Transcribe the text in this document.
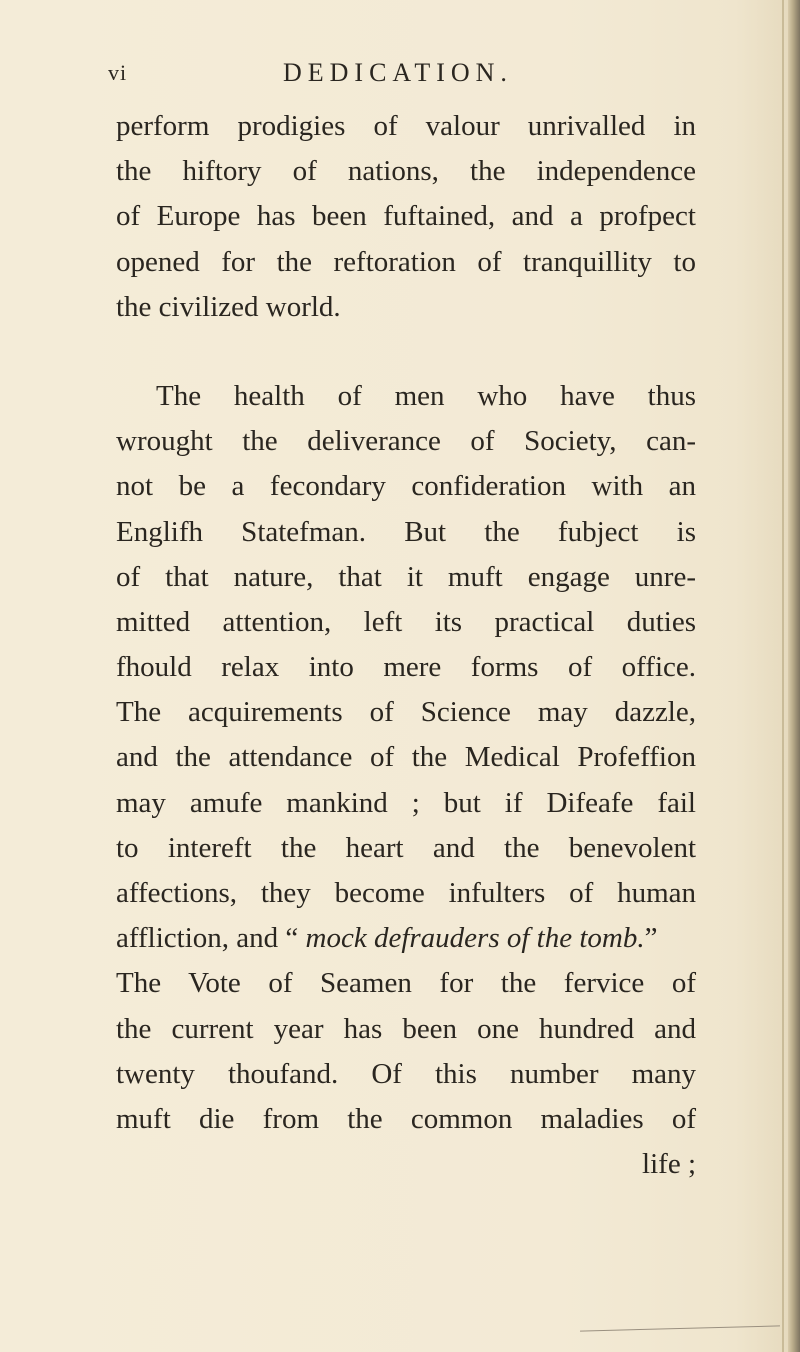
vi	DEDICATION.
perform prodigies of valour unrivalled in
the hiftory of nations, the independence
of Europe has been fuftained, and a profpect
opened for the reftoration of tranquillity to
the civilized world.
The health of men who have thus
wrought the deliverance of Society, can-
not be a fecondary confideration with an
Englifh Statefman. But the fubject is
of that nature, that it muft engage unre-
mitted attention, left its practical duties
fhould relax into mere forms of office.
The acquirements of Science may dazzle,
and the attendance of the Medical Profeffion
may amufe mankind ; but if Difeafe fail
to intereft the heart and the benevolent
affections, they become infulters of human
affliction, and “ mock defrauders of the tomb.”
The Vote of Seamen for the fervice of
the current year has been one hundred and
twenty thoufand. Of this number many
muft die from the common maladies of
life ;
